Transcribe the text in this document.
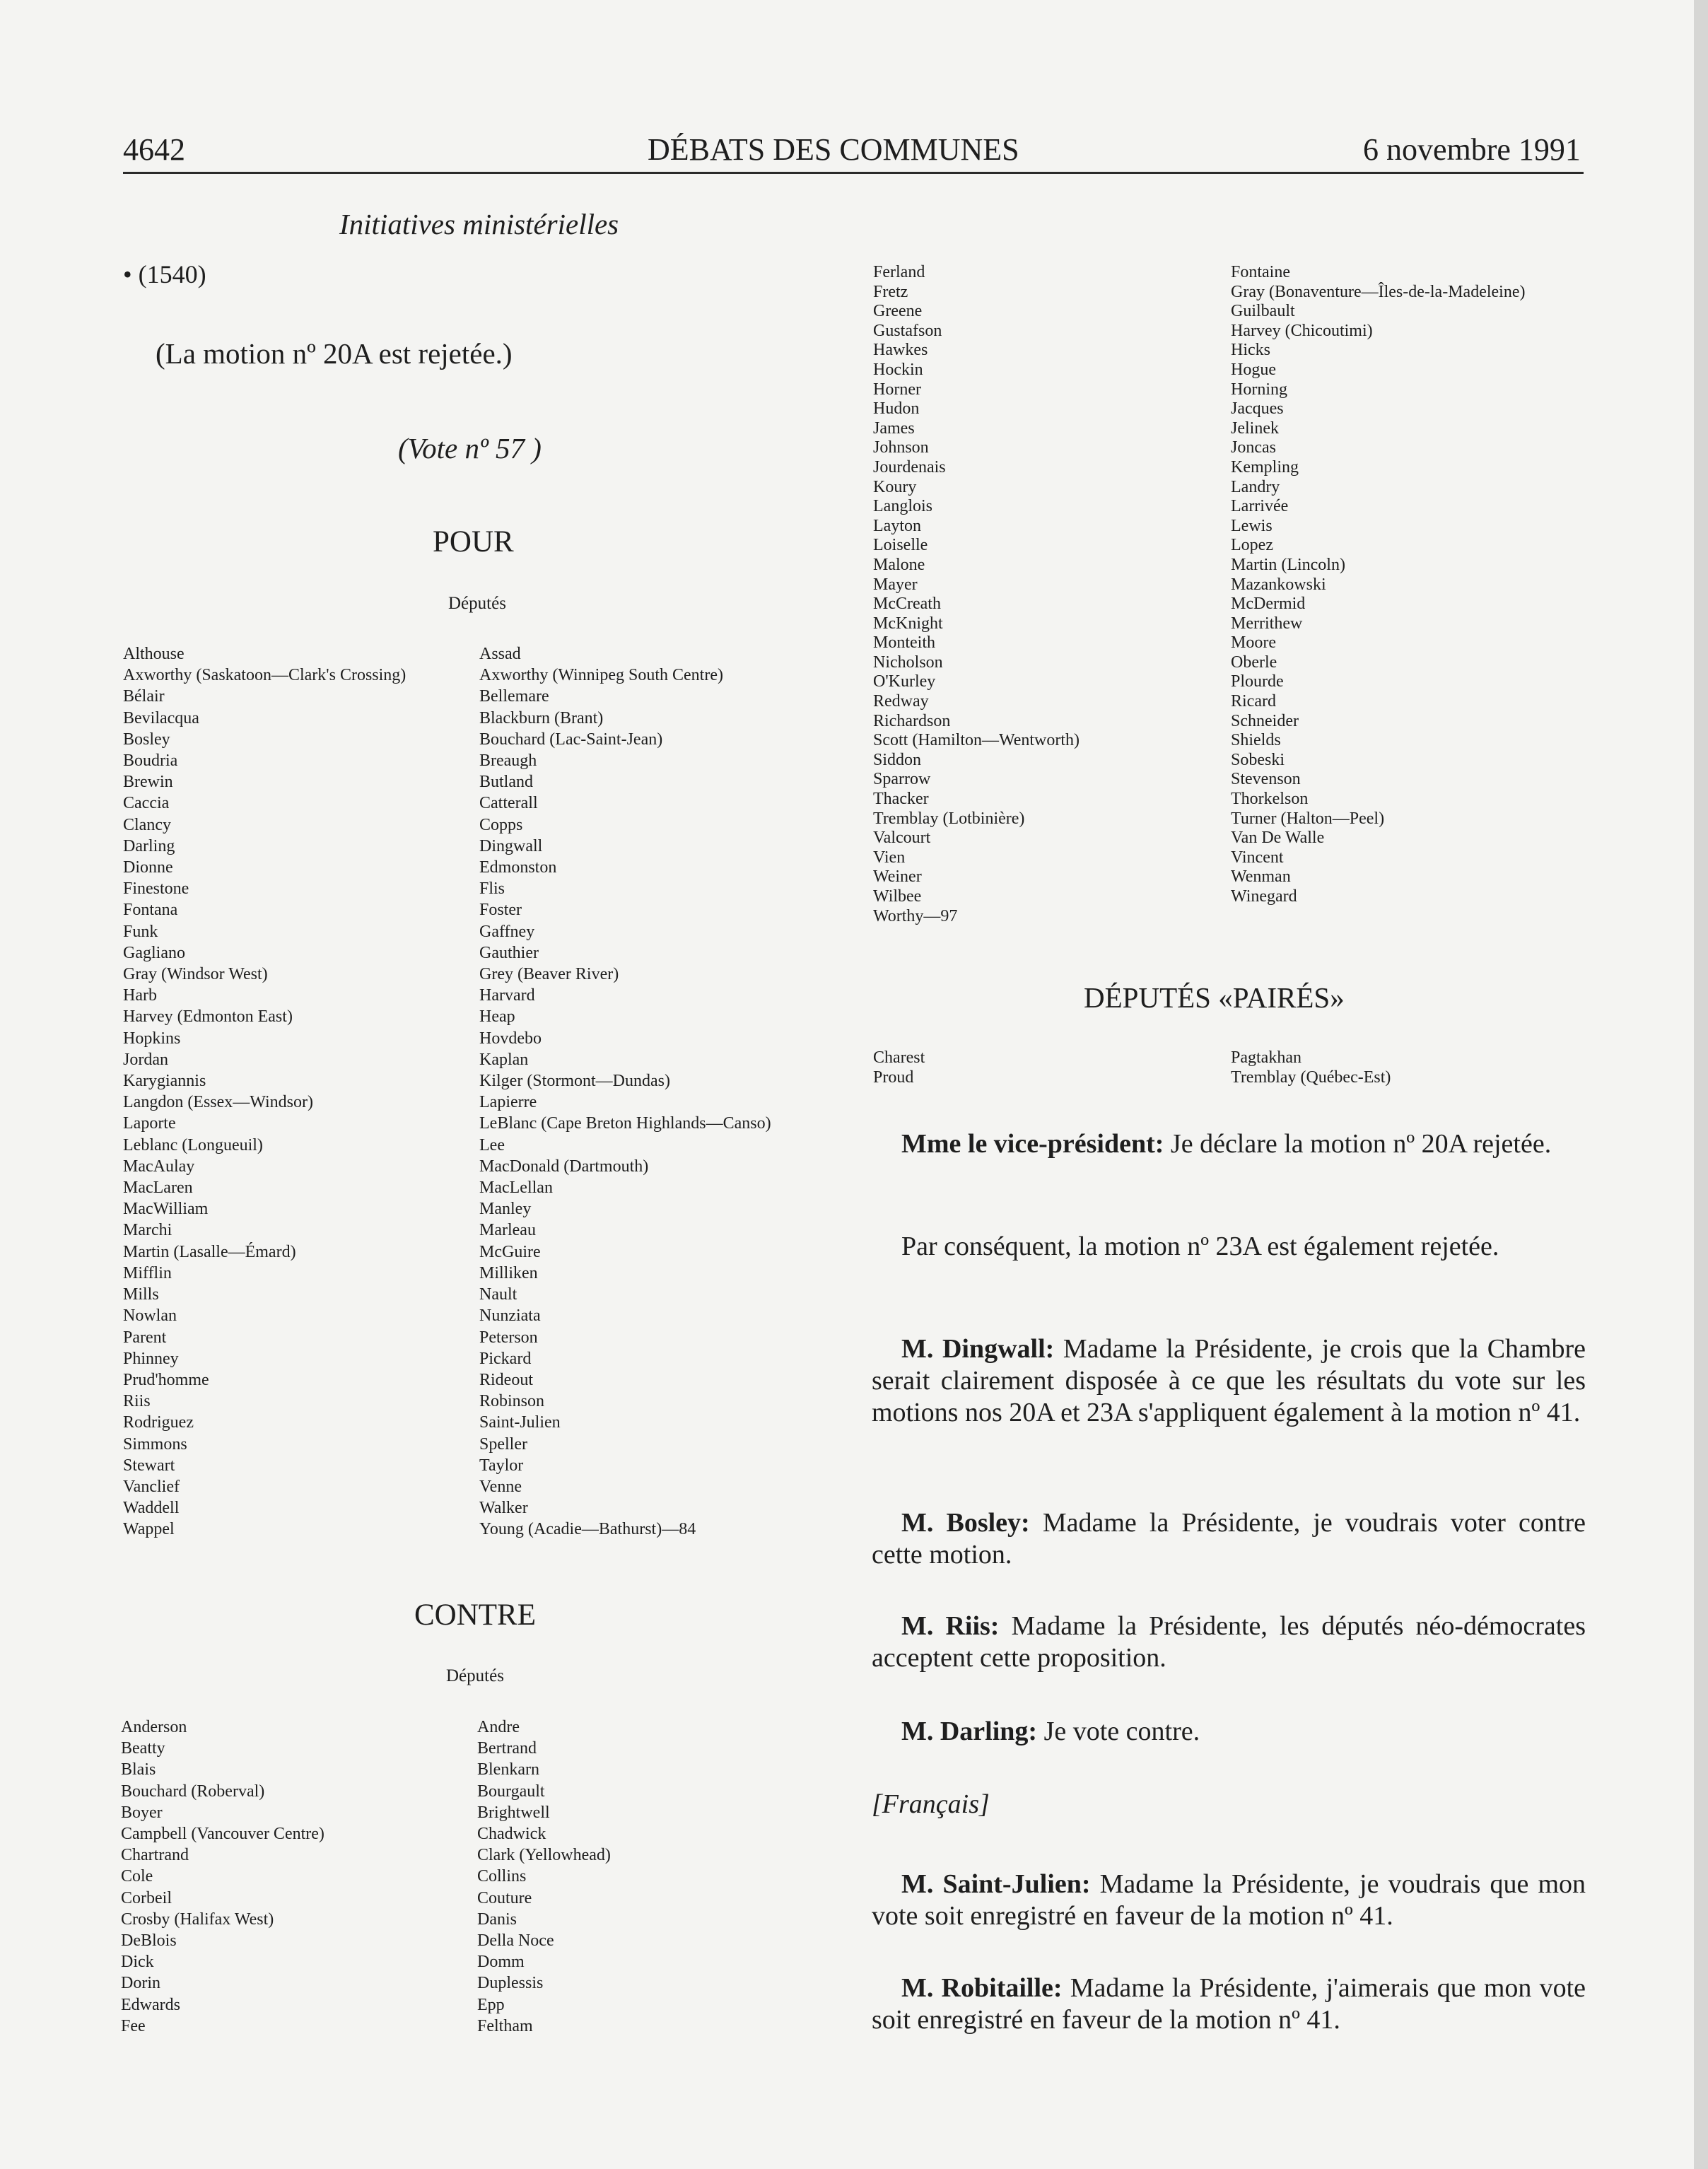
4642	DÉBATS DES COMMUNES	6 novembre 1991
Initiatives ministérielles
• (1540)
(La motion nº 20A est rejetée.)
(Vote nº 57 )
POUR
Députés
Althouse
Axworthy (Saskatoon—Clark's Crossing)
Bélair
Bevilacqua
Bosley
Boudria
Brewin
Caccia
Clancy
Darling
Dionne
Finestone
Fontana
Funk
Gagliano
Gray (Windsor West)
Harb
Harvey (Edmonton East)
Hopkins
Jordan
Karygiannis
Langdon (Essex—Windsor)
Laporte
Leblanc (Longueuil)
MacAulay
MacLaren
MacWilliam
Marchi
Martin (Lasalle—Émard)
Mifflin
Mills
Nowlan
Parent
Phinney
Prud'homme
Riis
Rodriguez
Simmons
Stewart
Vanclief
Waddell
Wappel
Assad
Axworthy (Winnipeg South Centre)
Bellemare
Blackburn (Brant)
Bouchard (Lac-Saint-Jean)
Breaugh
Butland
Catterall
Copps
Dingwall
Edmonston
Flis
Foster
Gaffney
Gauthier
Grey (Beaver River)
Harvard
Heap
Hovdebo
Kaplan
Kilger (Stormont—Dundas)
Lapierre
LeBlanc (Cape Breton Highlands—Canso)
Lee
MacDonald (Dartmouth)
MacLellan
Manley
Marleau
McGuire
Milliken
Nault
Nunziata
Peterson
Pickard
Rideout
Robinson
Saint-Julien
Speller
Taylor
Venne
Walker
Young (Acadie—Bathurst)—84
CONTRE
Députés
Anderson
Beatty
Blais
Bouchard (Roberval)
Boyer
Campbell (Vancouver Centre)
Chartrand
Cole
Corbeil
Crosby (Halifax West)
DeBlois
Dick
Dorin
Edwards
Fee
Andre
Bertrand
Blenkarn
Bourgault
Brightwell
Chadwick
Clark (Yellowhead)
Collins
Couture
Danis
Della Noce
Domm
Duplessis
Epp
Feltham
Ferland
Fretz
Greene
Gustafson
Hawkes
Hockin
Horner
Hudon
James
Johnson
Jourdenais
Koury
Langlois
Layton
Loiselle
Malone
Mayer
McCreath
McKnight
Monteith
Nicholson
O'Kurley
Redway
Richardson
Scott (Hamilton—Wentworth)
Siddon
Sparrow
Thacker
Tremblay (Lotbinière)
Valcourt
Vien
Weiner
Wilbee
Worthy—97
Fontaine
Gray (Bonaventure—Îles-de-la-Madeleine)
Guilbault
Harvey (Chicoutimi)
Hicks
Hogue
Horning
Jacques
Jelinek
Joncas
Kempling
Landry
Larrivée
Lewis
Lopez
Martin (Lincoln)
Mazankowski
McDermid
Merrithew
Moore
Oberle
Plourde
Ricard
Schneider
Shields
Sobeski
Stevenson
Thorkelson
Turner (Halton—Peel)
Van De Walle
Vincent
Wenman
Winegard
DÉPUTÉS «PAIRÉS»
Charest
Proud
Pagtakhan
Tremblay (Québec-Est)
Mme le vice-président: Je déclare la motion nº 20A rejetée.
Par conséquent, la motion nº 23A est également rejetée.
M. Dingwall: Madame la Présidente, je crois que la Chambre serait clairement disposée à ce que les résultats du vote sur les motions nos 20A et 23A s'appliquent également à la motion nº 41.
M. Bosley: Madame la Présidente, je voudrais voter contre cette motion.
M. Riis: Madame la Présidente, les députés néo-démocrates acceptent cette proposition.
M. Darling: Je vote contre.
[Français]
M. Saint-Julien: Madame la Présidente, je voudrais que mon vote soit enregistré en faveur de la motion nº 41.
M. Robitaille: Madame la Présidente, j'aimerais que mon vote soit enregistré en faveur de la motion nº 41.
